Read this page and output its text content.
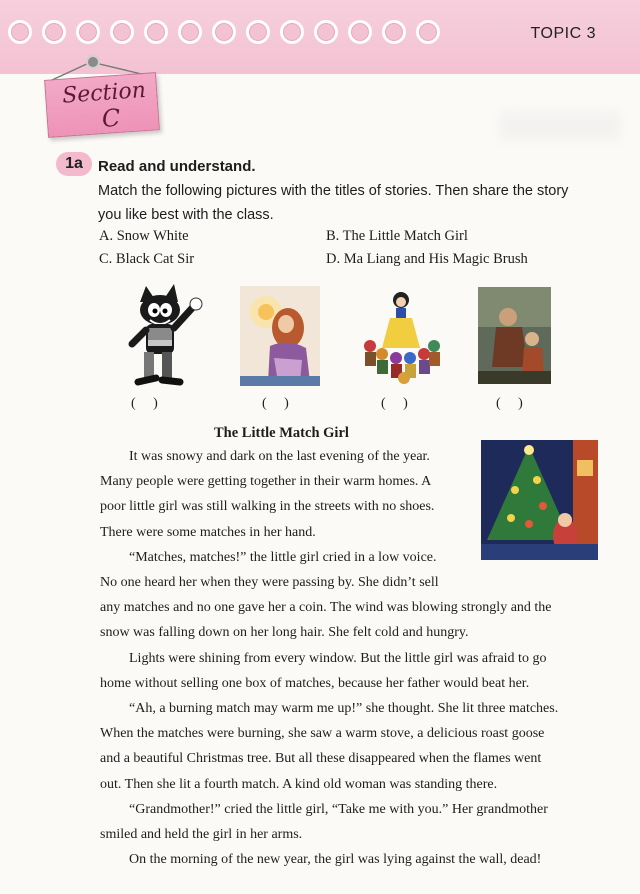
TOPIC 3
Section
C
1a	Read and understand.
Match the following pictures with the titles of stories. Then share the story
you like best with the class.
A. Snow White	B. The Little Match Girl
C. Black Cat Sir	D. Ma Liang and His Magic Brush
( )	( )	( )	( )
The Little Match Girl

It was snowy and dark on the last evening of the year.

Many people were getting together in their warm homes. A
poor little girl was still walking in the streets with no shoes.
There were some matches in her hand.

“Matches, matches!” the little girl cried in a low voice.

No one heard her when they were passing by. She didn’t sell
any matches and no one gave her a coin. The wind was blowing strongly and the
snow was falling down on her long hair. She felt cold and hungry.

Lights were shining from every window. But the little girl was afraid to go

home without selling one box of matches, because her father would beat her.

“Ah, a burning match may warm me up!” she thought. She lit three matches.

When the matches were burning, she saw a warm stove, a delicious roast goose
and a beautiful Christmas tree. But all these disappeared when the flames went
out. Then she lit a fourth match. A kind old woman was standing there.

“Grandmother!” cried the little girl, “Take me with you.” Her grandmother

smiled and held the girl in her arms.

On the morning of the new year, the girl was lying against the wall, dead!
